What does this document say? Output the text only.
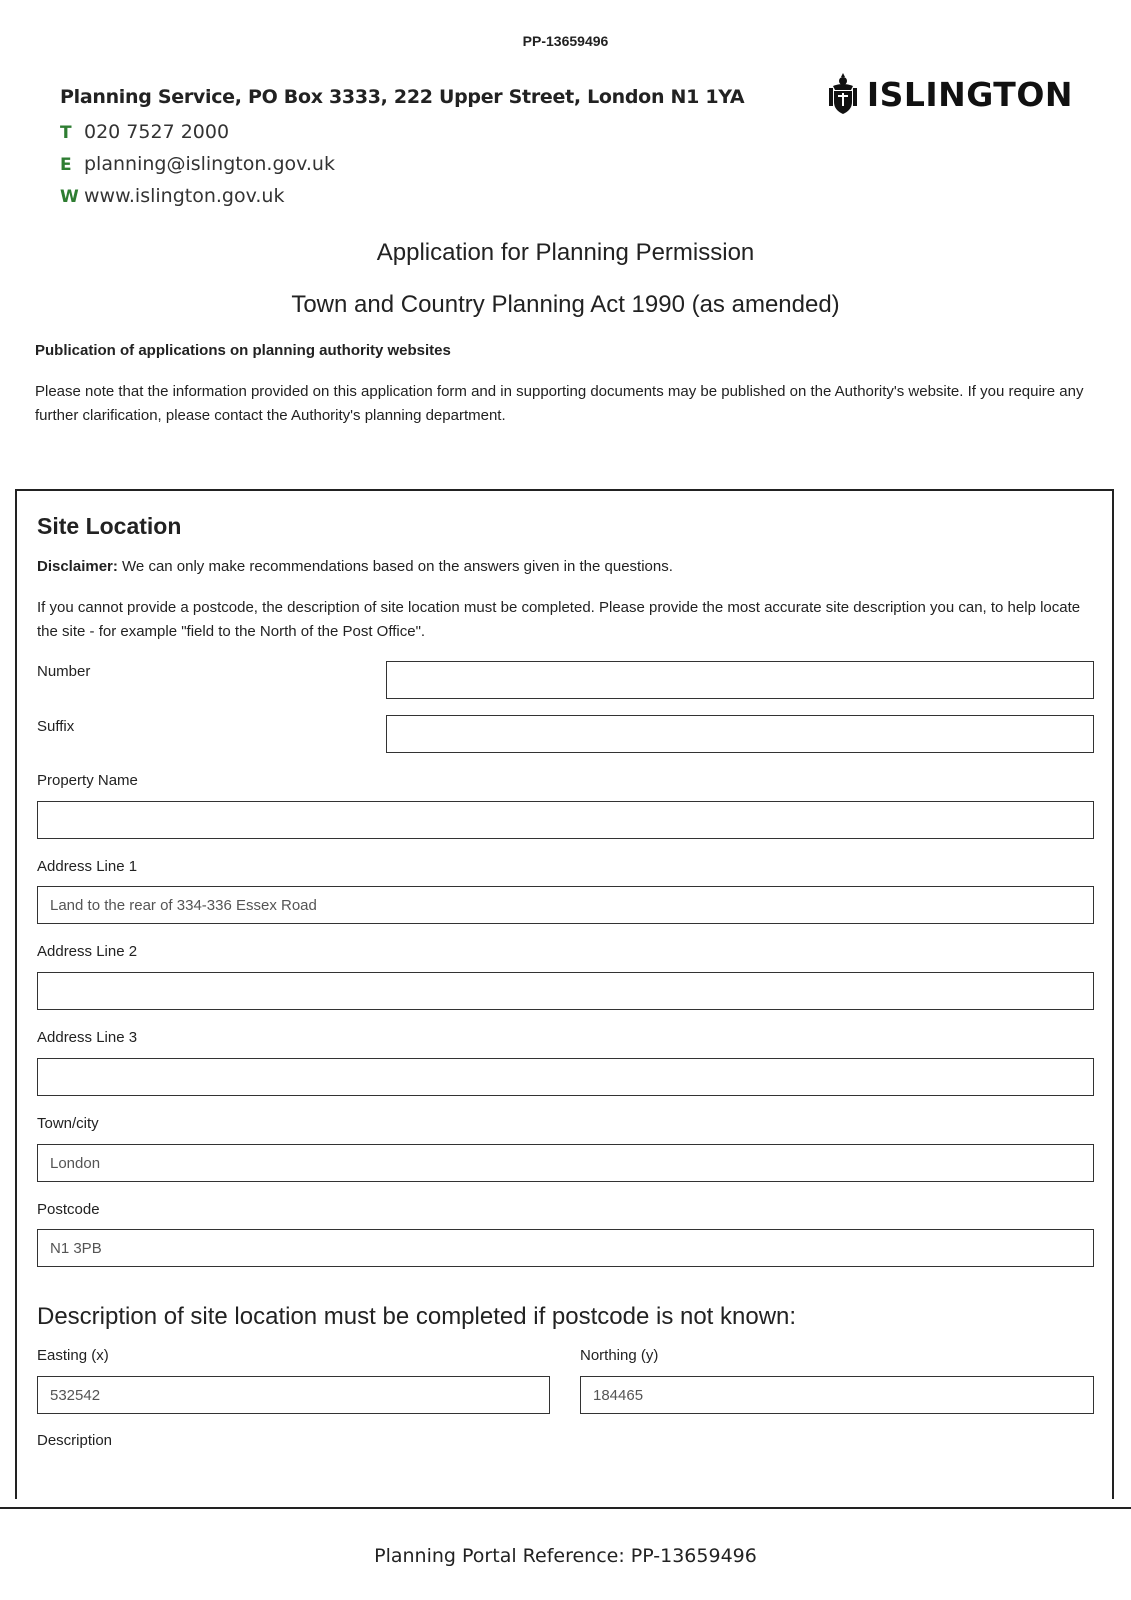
PP-13659496
Planning Service, PO Box 3333, 222 Upper Street, London N1 1YA
T 020 7527 2000
E planning@islington.gov.uk
W www.islington.gov.uk
ISLINGTON
Application for Planning Permission
Town and Country Planning Act 1990 (as amended)
Publication of applications on planning authority websites
Please note that the information provided on this application form and in supporting documents may be published on the Authority's website. If you require any further clarification, please contact the Authority's planning department.
Site Location
Disclaimer: We can only make recommendations based on the answers given in the questions.
If you cannot provide a postcode, the description of site location must be completed. Please provide the most accurate site description you can, to help locate the site - for example "field to the North of the Post Office".
Number
Suffix
Property Name
Address Line 1
Land to the rear of 334-336 Essex Road
Address Line 2
Address Line 3
Town/city
London
Postcode
N1 3PB
Description of site location must be completed if postcode is not known:
Easting (x)
532542	Northing (y)
184465
Description
Planning Portal Reference: PP-13659496
